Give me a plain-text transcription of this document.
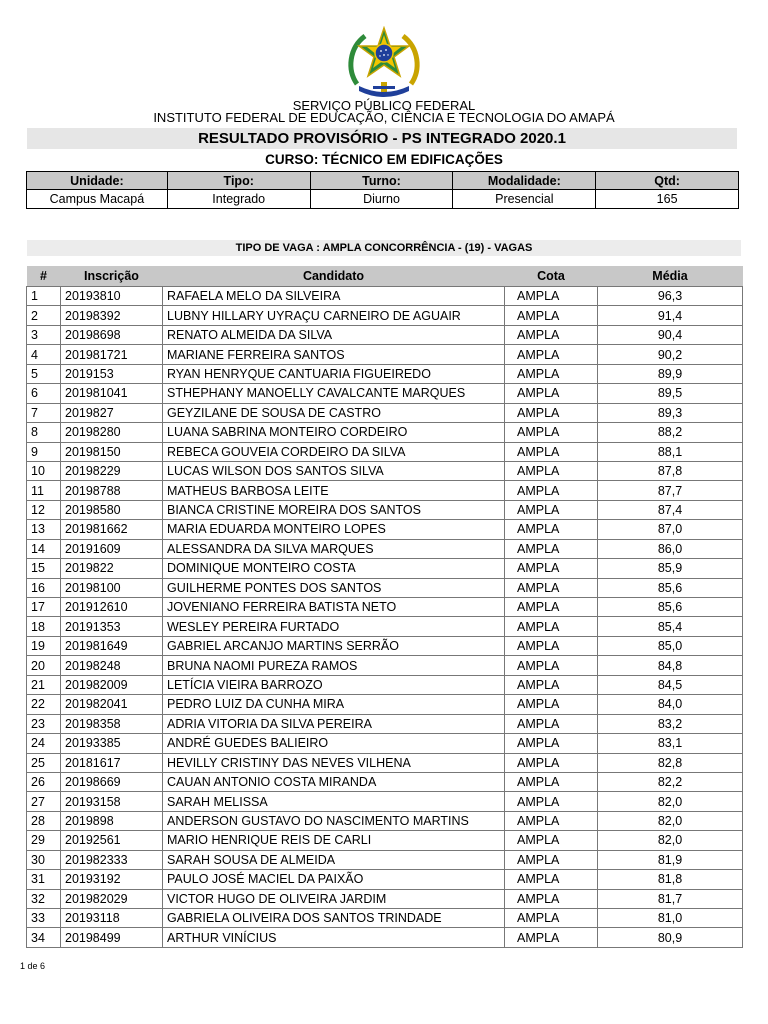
SERVIÇO PÚBLICO FEDERAL
INSTITUTO FEDERAL DE EDUCAÇÃO, CIÊNCIA E TECNOLOGIA DO AMAPÁ
RESULTADO PROVISÓRIO - PS INTEGRADO 2020.1
CURSO: TÉCNICO EM EDIFICAÇÕES
Unidade:	Tipo:	Turno:	Modalidade:	Qtd:
Campus Macapá	Integrado	Diurno	Presencial	165
TIPO DE VAGA : AMPLA CONCORRÊNCIA - (19) - VAGAS
#	Inscrição	Candidato	Cota	Média
1	20193810	RAFAELA MELO DA SILVEIRA	AMPLA	96,3
2	20198392	LUBNY HILLARY UYRAÇU CARNEIRO DE AGUAIR	AMPLA	91,4
3	20198698	RENATO ALMEIDA DA SILVA	AMPLA	90,4
4	201981721	MARIANE FERREIRA SANTOS	AMPLA	90,2
5	2019153	RYAN HENRYQUE CANTUARIA FIGUEIREDO	AMPLA	89,9
6	201981041	STHEPHANY MANOELLY CAVALCANTE MARQUES	AMPLA	89,5
7	2019827	GEYZILANE DE SOUSA DE CASTRO	AMPLA	89,3
8	20198280	LUANA SABRINA MONTEIRO CORDEIRO	AMPLA	88,2
9	20198150	REBECA GOUVEIA CORDEIRO DA SILVA	AMPLA	88,1
10	20198229	LUCAS WILSON DOS SANTOS SILVA	AMPLA	87,8
11	20198788	MATHEUS BARBOSA LEITE	AMPLA	87,7
12	20198580	BIANCA CRISTINE MOREIRA DOS SANTOS	AMPLA	87,4
13	201981662	MARIA EDUARDA MONTEIRO LOPES	AMPLA	87,0
14	20191609	ALESSANDRA DA SILVA MARQUES	AMPLA	86,0
15	2019822	DOMINIQUE MONTEIRO COSTA	AMPLA	85,9
16	20198100	GUILHERME PONTES DOS SANTOS	AMPLA	85,6
17	201912610	JOVENIANO FERREIRA BATISTA NETO	AMPLA	85,6
18	20191353	WESLEY PEREIRA FURTADO	AMPLA	85,4
19	201981649	GABRIEL ARCANJO MARTINS SERRÃO	AMPLA	85,0
20	20198248	BRUNA NAOMI PUREZA RAMOS	AMPLA	84,8
21	201982009	LETÍCIA VIEIRA BARROZO	AMPLA	84,5
22	201982041	PEDRO LUIZ DA CUNHA MIRA	AMPLA	84,0
23	20198358	ADRIA VITORIA DA SILVA PEREIRA	AMPLA	83,2
24	20193385	ANDRÉ GUEDES BALIEIRO	AMPLA	83,1
25	20181617	HEVILLY CRISTINY DAS NEVES VILHENA	AMPLA	82,8
26	20198669	CAUAN ANTONIO COSTA MIRANDA	AMPLA	82,2
27	20193158	SARAH MELISSA	AMPLA	82,0
28	2019898	ANDERSON GUSTAVO DO NASCIMENTO MARTINS	AMPLA	82,0
29	20192561	MARIO HENRIQUE REIS DE CARLI	AMPLA	82,0
30	201982333	SARAH SOUSA DE ALMEIDA	AMPLA	81,9
31	20193192	PAULO JOSÉ MACIEL DA PAIXÃO	AMPLA	81,8
32	201982029	VICTOR HUGO DE OLIVEIRA JARDIM	AMPLA	81,7
33	20193118	GABRIELA OLIVEIRA DOS SANTOS TRINDADE	AMPLA	81,0
34	20198499	ARTHUR VINÍCIUS	AMPLA	80,9
1 de 6
